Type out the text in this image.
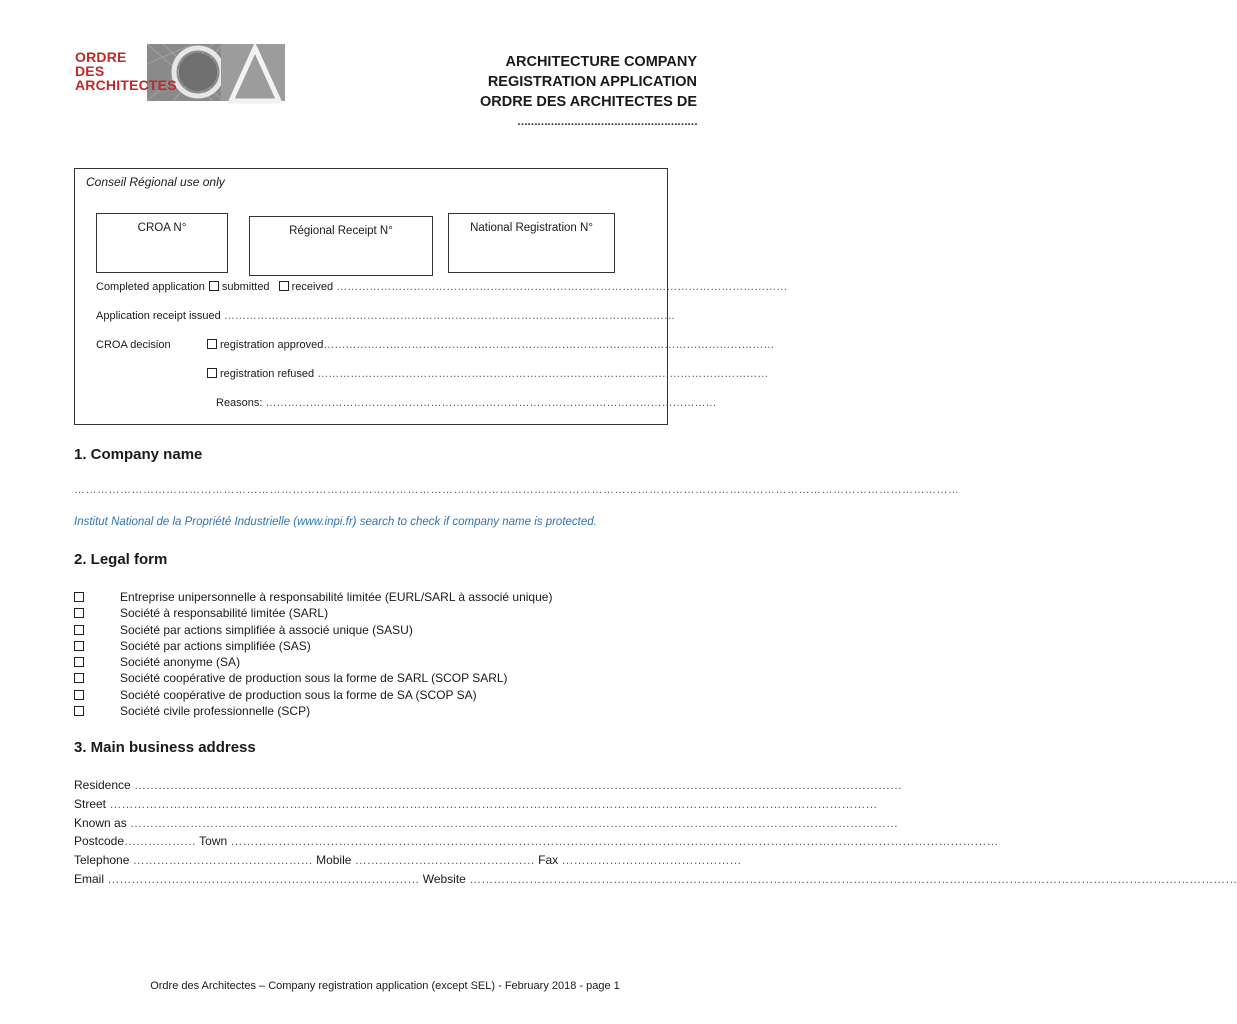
ORDRE
DES
ARCHITECTES
ARCHITECTURE COMPANY
REGISTRATION APPLICATION
ORDRE DES ARCHITECTES DE
………………………………………………
Conseil Régional use only
CROA N°	Régional Receipt N°	National Registration N°
Completed application submitted received ……………………………………………………………………………………………………………
Application receipt issued ……………………………………………………………………………………………………………
CROA decision	registration approved……………………………………………………………………………………………………………
registration refused ……………………………………………………………………………………………………………
Reasons: ……………………………………………………………………………………………………………
1. Company name
……………………………………………………………………………………………………………………………………………………………………………………………………………
Institut National de la Propriété Industrielle (www.inpi.fr) search to check if company name is protected.
2. Legal form
Entreprise unipersonnelle à responsabilité limitée (EURL/SARL à associé unique)
Société à responsabilité limitée (SARL)
Société par actions simplifiée à associé unique (SASU)
Société par actions simplifiée (SAS)
Société anonyme (SA)
Société coopérative de production sous la forme de SARL (SCOP SARL)
Société coopérative de production sous la forme de SA (SCOP SA)
Société civile professionnelle (SCP)
3. Main business address
Residence …………………………………………………………………………………………………………………………………………………………………………
Street …………………………………………………………………………………………………………………………………………………………………………
Known as …………………………………………………………………………………………………………………………………………………………………………
Postcode……………… Town …………………………………………………………………………………………………………………………………………………………………………
Telephone ……………………………………… Mobile ……………………………………… Fax ………………………………………
Email …………………………………………………………………… Website …………………………………………………………………………………………………………………………………………………………………………
Ordre des Architectes – Company registration application (except SEL) - February 2018 - page 1
